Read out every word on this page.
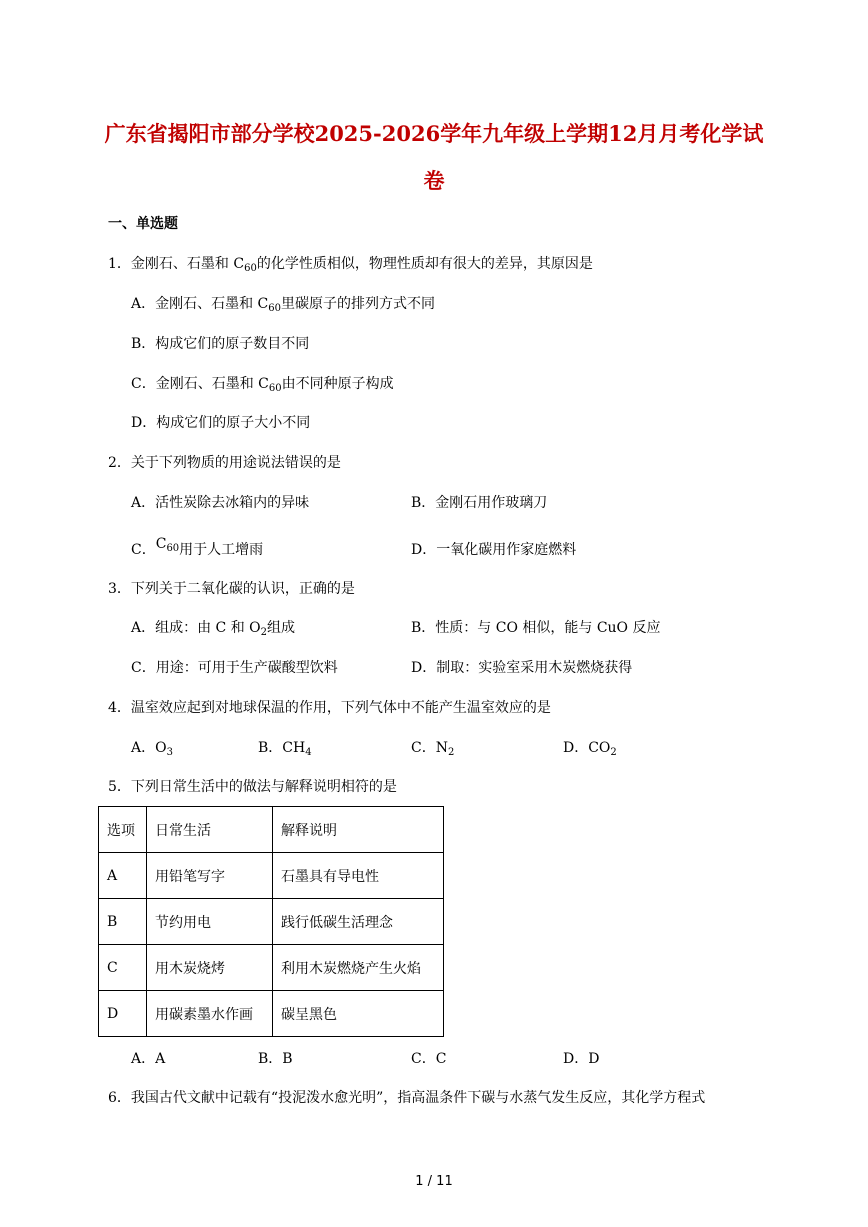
广东省揭阳市部分学校2025-2026学年九年级上学期12月月考化学试
卷
一、单选题
1．金刚石、石墨和 $C_{60}$的化学性质相似，物理性质却有很大的差异，其原因是
A．金刚石、石墨和 $C_{60}$里碳原子的排列方式不同
B．构成它们的原子数目不同
C．金刚石、石墨和 $C_{60}$由不同种原子构成
D．构成它们的原子大小不同
2．关于下列物质的用途说法错误的是
A．活性炭除去冰箱内的异味	B．金刚石用作玻璃刀
C．$C_{60}$用于人工增雨	D．一氧化碳用作家庭燃料
3．下列关于二氧化碳的认识，正确的是
A．组成：由 C 和 $O_2$组成	B．性质：与 CO 相似，能与 CuO 反应
C．用途：可用于生产碳酸型饮料	D．制取：实验室采用木炭燃烧获得
4．温室效应起到对地球保温的作用，下列气体中不能产生温室效应的是
A．$O_3$	B．$CH_4$	C．$N_2$	D．$CO_2$
5．下列日常生活中的做法与解释说明相符的是
选项	日常生活	解释说明
A	用铅笔写字	石墨具有导电性
B	节约用电	践行低碳生活理念
C	用木炭烧烤	利用木炭燃烧产生火焰
D	用碳素墨水作画	碳呈黑色
A．A	B．B	C．C	D．D
6．我国古代文献中记载有“投泥泼水愈光明”，指高温条件下碳与水蒸气发生反应，其化学方程式
1 / 11
